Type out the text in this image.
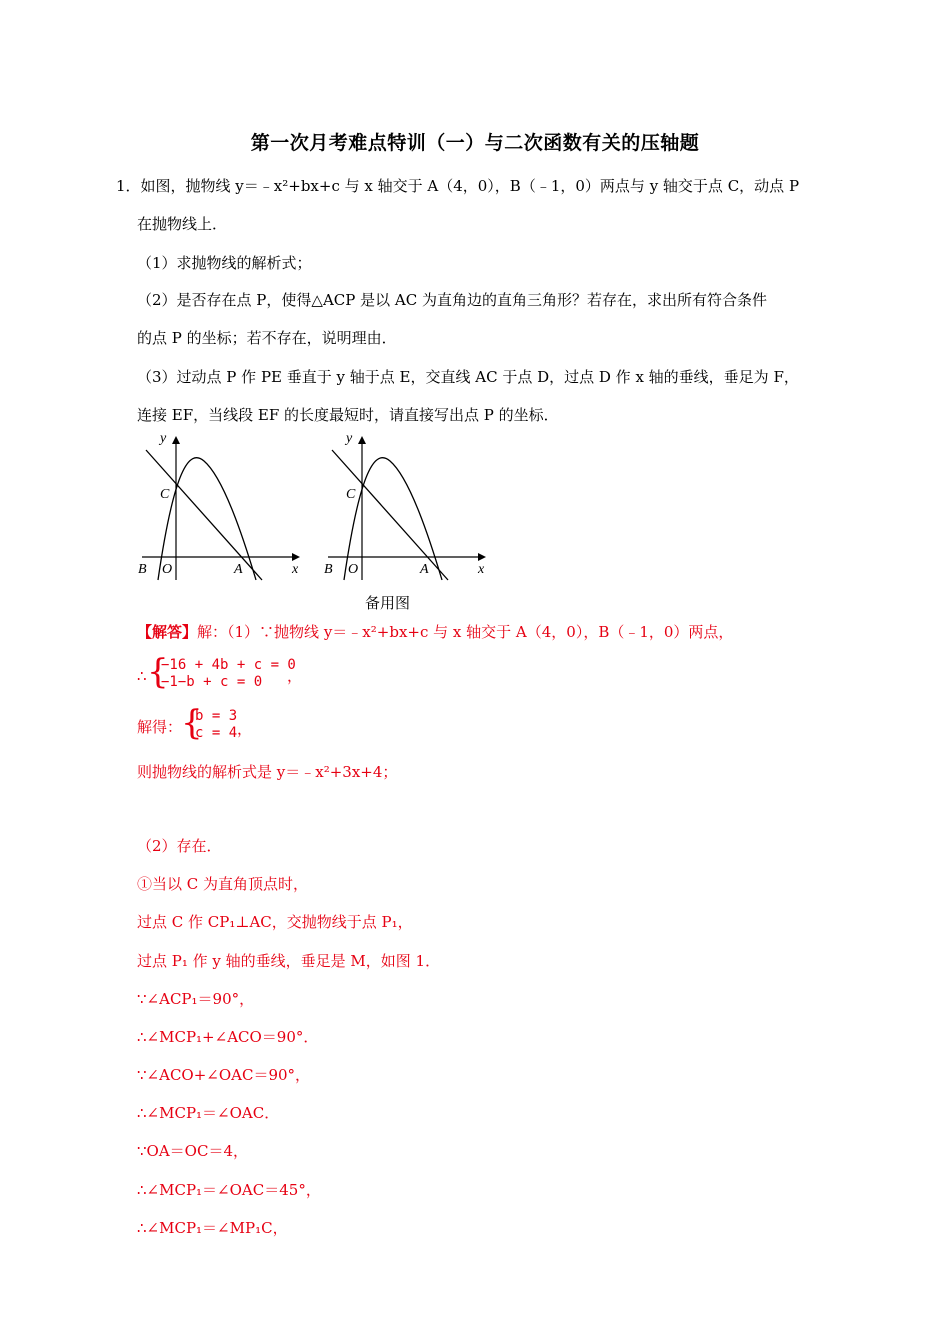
第一次月考难点特训（一）与二次函数有关的压轴题
1．如图，抛物线 y＝﹣x²+bx+c 与 x 轴交于 A（4，0），B（﹣1，0）两点与 y 轴交于点 C，动点 P
在抛物线上．
（1）求抛物线的解析式；
（2）是否存在点 P，使得△ACP 是以 AC 为直角边的直角三角形？若存在，求出所有符合条件
的点 P 的坐标；若不存在，说明理由．
（3）过动点 P 作 PE 垂直于 y 轴于点 E，交直线 AC 于点 D，过点 D 作 x 轴的垂线，垂足为 F，
连接 EF，当线段 EF 的长度最短时，请直接写出点 P 的坐标．
y
x
C
B O	A
y
x
C
B O	A
备用图
【解答】解：（1）∵抛物线 y＝﹣x²+bx+c 与 x 轴交于 A（4，0），B（﹣1，0）两点，
∴ {
−16 + 4b + c = 0
−1−b + c = 0 ，
解得：
{
b = 3
c = 4 ，
则抛物线的解析式是 y＝﹣x²+3x+4；
（2）存在．
①当以 C 为直角顶点时，
过点 C 作 CP₁⊥AC，交抛物线于点 P₁，
过点 P₁ 作 y 轴的垂线，垂足是 M，如图 1．
∵∠ACP₁＝90°，
∴∠MCP₁+∠ACO＝90°．
∵∠ACO+∠OAC＝90°，
∴∠MCP₁＝∠OAC．
∵OA＝OC＝4，
∴∠MCP₁＝∠OAC＝45°，
∴∠MCP₁＝∠MP₁C，
